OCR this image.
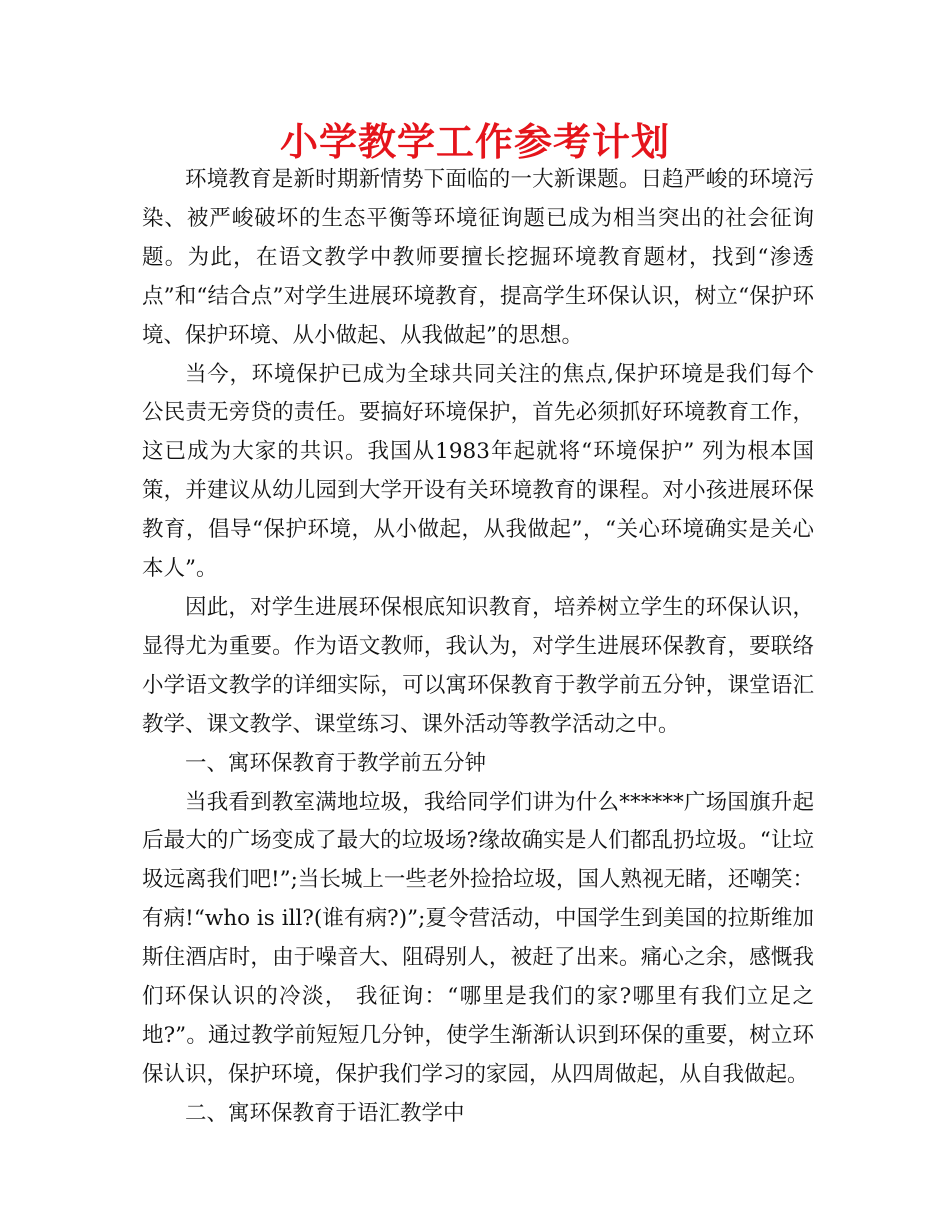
小学教学工作参考计划

环境教育是新时期新情势下面临的一大新课题。日趋严峻的环境污染、被严峻破坏的生态平衡等环境征询题已成为相当突出的社会征询题。为此，在语文教学中教师要擅长挖掘环境教育题材，找到“渗透点”和“结合点”对学生进展环境教育，提高学生环保认识，树立“保护环境、保护环境、从小做起、从我做起”的思想。

当今，环境保护已成为全球共同关注的焦点,保护环境是我们每个公民责无旁贷的责任。要搞好环境保护，首先必须抓好环境教育工作，这已成为大家的共识。我国从1983年起就将“环境保护” 列为根本国策，并建议从幼儿园到大学开设有关环境教育的课程。对小孩进展环保教育，倡导“保护环境，从小做起，从我做起”，“关心环境确实是关心本人”。

因此，对学生进展环保根底知识教育，培养树立学生的环保认识，显得尤为重要。作为语文教师，我认为，对学生进展环保教育，要联络小学语文教学的详细实际，可以寓环保教育于教学前五分钟，课堂语汇教学、课文教学、课堂练习、课外活动等教学活动之中。

一、寓环保教育于教学前五分钟

当我看到教室满地垃圾，我给同学们讲为什么******广场国旗升起后最大的广场变成了最大的垃圾场?缘故确实是人们都乱扔垃圾。“让垃圾远离我们吧!”;当长城上一些老外捡拾垃圾，国人熟视无睹，还嘲笑：有病!“who is ill?(谁有病?)”;夏令营活动，中国学生到美国的拉斯维加斯住酒店时，由于噪音大、阻碍别人，被赶了出来。痛心之余，感慨我们环保认识的冷淡， 我征询：“哪里是我们的家?哪里有我们立足之地?”。通过教学前短短几分钟，使学生渐渐认识到环保的重要，树立环保认识，保护环境，保护我们学习的家园，从四周做起，从自我做起。

二、寓环保教育于语汇教学中
